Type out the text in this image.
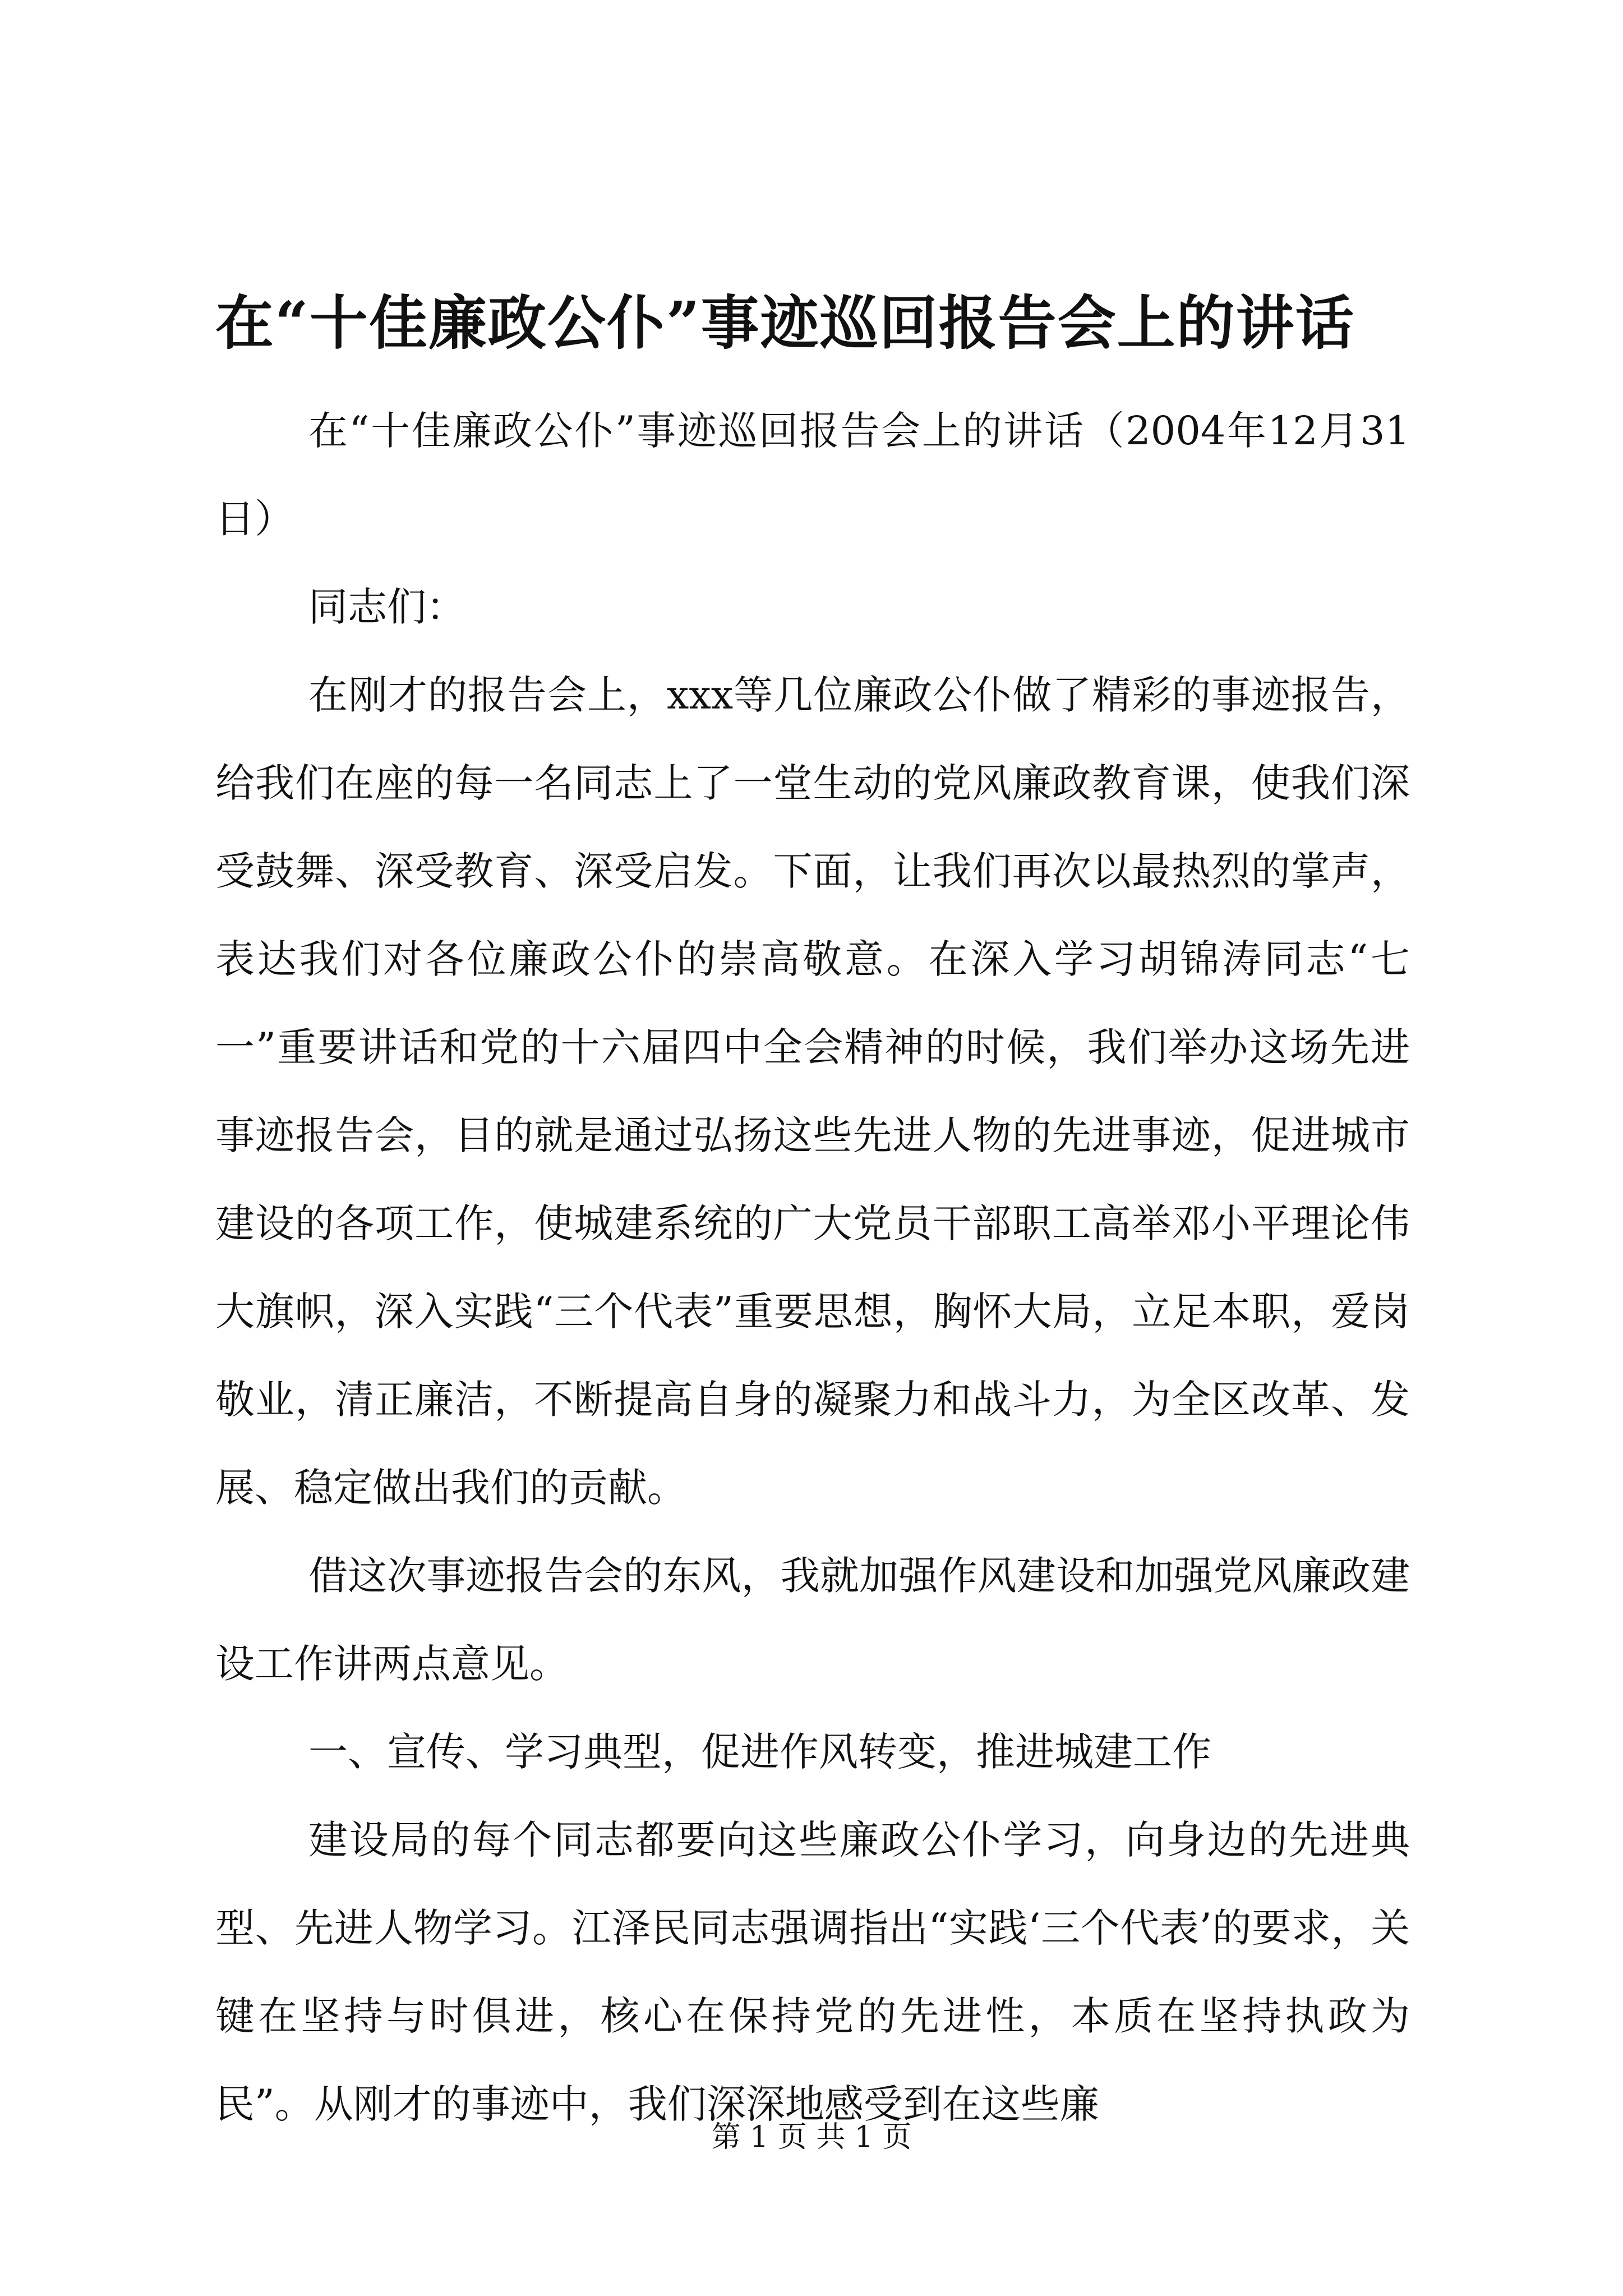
在“十佳廉政公仆”事迹巡回报告会上的讲话

在“十佳廉政公仆”事迹巡回报告会上的讲话（2004年12月31日）

同志们：

在刚才的报告会上，xxx等几位廉政公仆做了精彩的事迹报告，给我们在座的每一名同志上了一堂生动的党风廉政教育课，使我们深受鼓舞、深受教育、深受启发。下面，让我们再次以最热烈的掌声，表达我们对各位廉政公仆的崇高敬意。在深入学习胡锦涛同志“七一”重要讲话和党的十六届四中全会精神的时候，我们举办这场先进事迹报告会，目的就是通过弘扬这些先进人物的先进事迹，促进城市建设的各项工作，使城建系统的广大党员干部职工高举邓小平理论伟大旗帜，深入实践“三个代表”重要思想，胸怀大局，立足本职，爱岗敬业，清正廉洁，不断提高自身的凝聚力和战斗力，为全区改革、发展、稳定做出我们的贡献。

借这次事迹报告会的东风，我就加强作风建设和加强党风廉政建设工作讲两点意见。

一、宣传、学习典型，促进作风转变，推进城建工作

建设局的每个同志都要向这些廉政公仆学习，向身边的先进典型、先进人物学习。江泽民同志强调指出“实践‘三个代表’的要求，关键在坚持与时俱进，核心在保持党的先进性，本质在坚持执政为民”。从刚才的事迹中，我们深深地感受到在这些廉

第 1 页 共 1 页
